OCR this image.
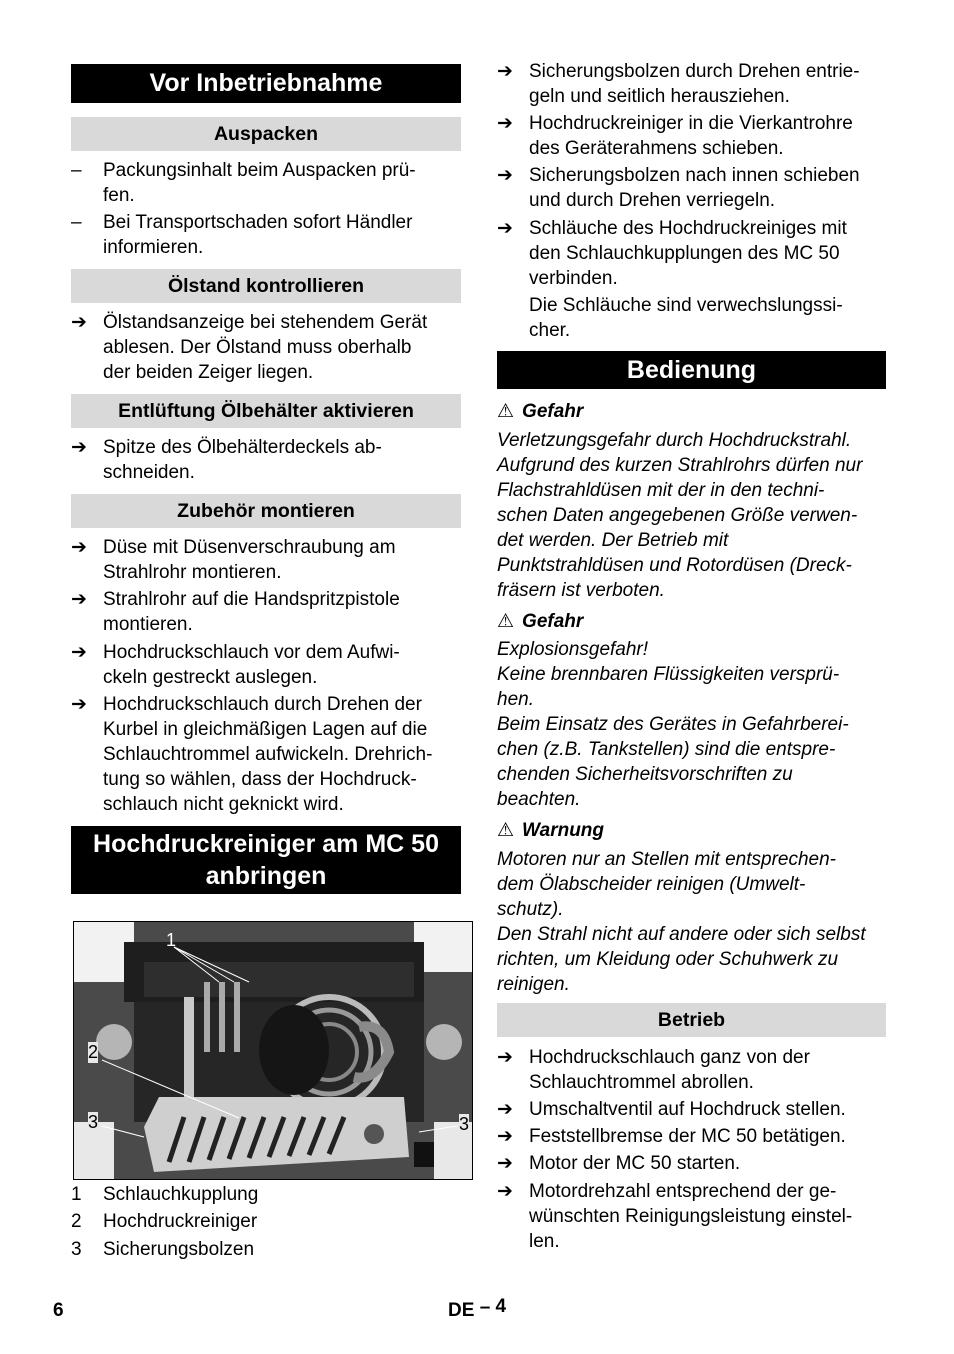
Vor Inbetriebnahme
Auspacken
–	Packungsinhalt beim Auspacken prü-
fen.
–	Bei Transportschaden sofort Händler
informieren.
Ölstand kontrollieren
➔ Ölstandsanzeige bei stehendem Gerät
ablesen. Der Ölstand muss oberhalb
der beiden Zeiger liegen.
Entlüftung Ölbehälter aktivieren
➔ Spitze des Ölbehälterdeckels ab-
schneiden.
Zubehör montieren
➔ Düse mit Düsenverschraubung am
Strahlrohr montieren.
➔ Strahlrohr auf die Handspritzpistole
montieren.
➔ Hochdruckschlauch vor dem Aufwi-
ckeln gestreckt auslegen.
➔ Hochdruckschlauch durch Drehen der
Kurbel in gleichmäßigen Lagen auf die
Schlauchtrommel aufwickeln. Drehrich-
tung so wählen, dass der Hochdruck-
schlauch nicht geknickt wird.
Hochdruckreiniger am MC 50
anbringen
1
2
3	3
1 Schlauchkupplung
2 Hochdruckreiniger
3 Sicherungsbolzen
➔ Sicherungsbolzen durch Drehen entrie-
geln und seitlich herausziehen.
➔ Hochdruckreiniger in die Vierkantrohre
des Geräterahmens schieben.
➔ Sicherungsbolzen nach innen schieben
und durch Drehen verriegeln.
➔ Schläuche des Hochdruckreiniges mit
den Schlauchkupplungen des MC 50
verbinden.
Die Schläuche sind verwechslungssi-
cher.
Bedienung
⚠ Gefahr
Verletzungsgefahr durch Hochdruckstrahl.
Aufgrund des kurzen Strahlrohrs dürfen nur
Flachstrahldüsen mit der in den techni-
schen Daten angegebenen Größe verwen-
det werden. Der Betrieb mit
Punktstrahldüsen und Rotordüsen (Dreck-
fräsern ist verboten.
⚠ Gefahr
Explosionsgefahr!
Keine brennbaren Flüssigkeiten versprü-
hen.
Beim Einsatz des Gerätes in Gefahrberei-
chen (z.B. Tankstellen) sind die entspre-
chenden Sicherheitsvorschriften zu
beachten.
⚠ Warnung
Motoren nur an Stellen mit entsprechen-
dem Ölabscheider reinigen (Umwelt-
schutz).
Den Strahl nicht auf andere oder sich selbst
richten, um Kleidung oder Schuhwerk zu
reinigen.
Betrieb
➔ Hochdruckschlauch ganz von der
Schlauchtrommel abrollen.
➔ Umschaltventil auf Hochdruck stellen.
➔ Feststellbremse der MC 50 betätigen.
➔ Motor der MC 50 starten.
➔ Motordrehzahl entsprechend der ge-
wünschten Reinigungsleistung einstel-
len.
6	DE – 4
